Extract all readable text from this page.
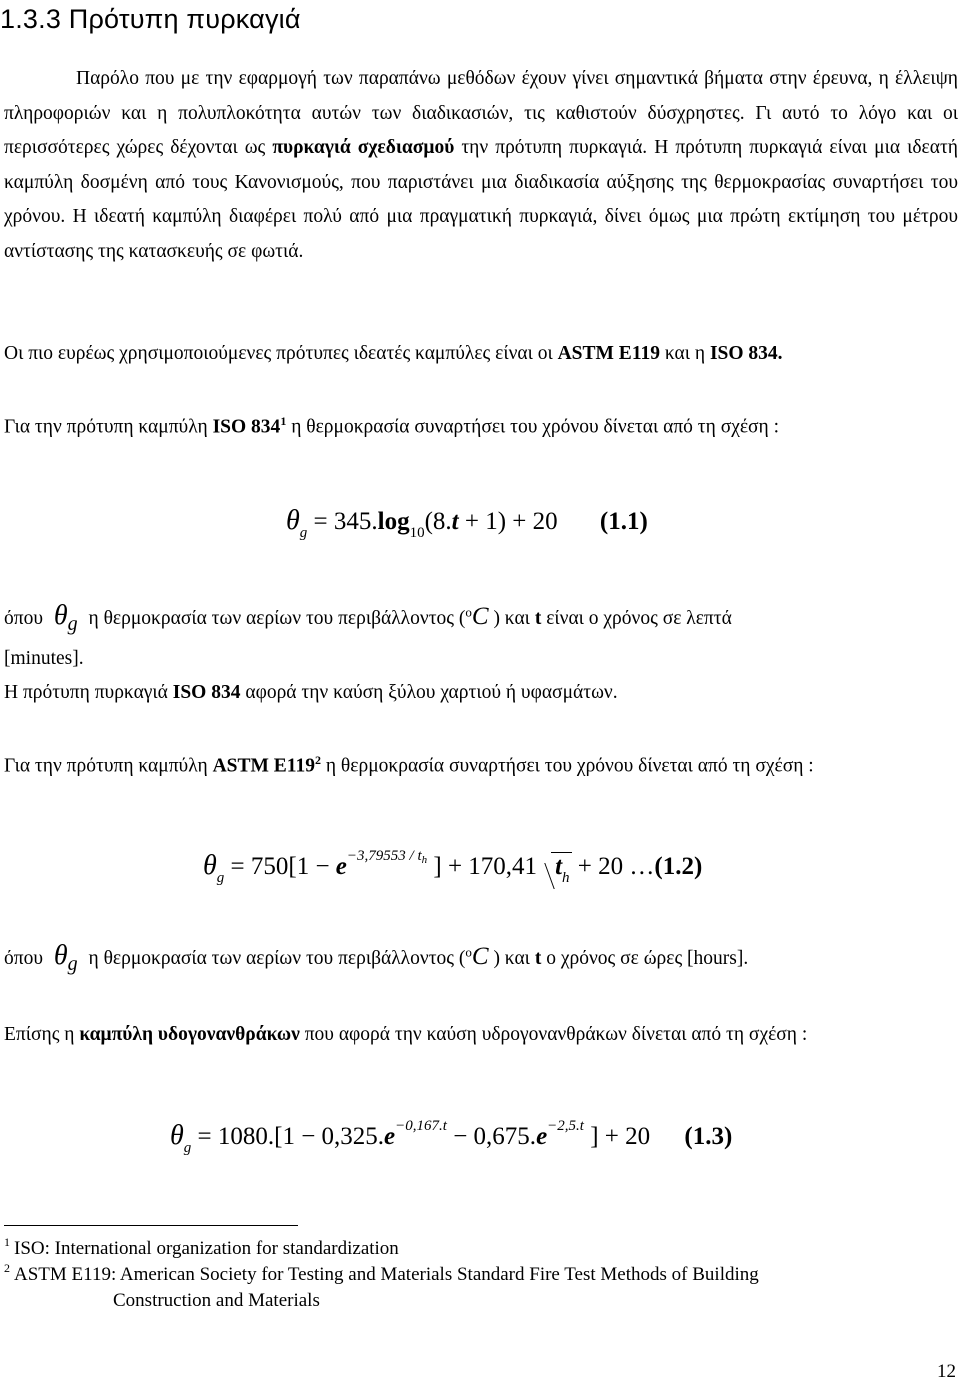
1.3.3 Πρότυπη πυρκαγιά

Παρόλο που με την εφαρμογή των παραπάνω μεθόδων έχουν γίνει σημαντικά βήματα στην έρευνα, η έλλειψη πληροφοριών και η πολυπλοκότητα αυτών των διαδικασιών, τις καθιστούν δύσχρηστες. Γι αυτό το λόγο και οι περισσότερες χώρες δέχονται ως πυρκαγιά σχεδιασμού την πρότυπη πυρκαγιά. Η πρότυπη πυρκαγιά είναι μια ιδεατή καμπύλη δοσμένη από τους Κανονισμούς, που παριστάνει μια διαδικασία αύξησης της θερμοκρασίας συναρτήσει του χρόνου. Η ιδεατή καμπύλη διαφέρει πολύ από μια πραγματική πυρκαγιά, δίνει όμως μια πρώτη εκτίμηση του μέτρου αντίστασης της κατασκευής σε φωτιά.

Οι πιο ευρέως χρησιμοποιούμενες πρότυπες ιδεατές καμπύλες είναι οι ASTM E119 και η ISO 834.

Για την πρότυπη καμπύλη ISO $834^1$ η θερμοκρασία συναρτήσει του χρόνου δίνεται από τη σχέση :

$\theta_g = 345.\log_{10}(8.t + 1) + 20$ (1.1)
όπου θg η θερμοκρασία των αερίων του περιβάλλοντος ($^o$C ) και t είναι ο χρόνος σε λεπτά
[minutes].
Η πρότυπη πυρκαγιά ISO 834 αφορά την καύση ξύλου χαρτιού ή υφασμάτων.

Για την πρότυπη καμπύλη ASTM $E119^2$ η θερμοκρασία συναρτήσει του χρόνου δίνεται από τη σχέση :

$\theta_g = 750[1 - e^{-3,79553 / th}$ ] + 170,41 $t_h + 20$ …(1.2)
όπου θg η θερμοκρασία των αερίων του περιβάλλοντος ($^o$C ) και t ο χρόνος σε ώρες [hours].

Επίσης η καμπύλη υδογονανθράκων που αφορά την καύση υδρογονανθράκων δίνεται από τη σχέση :

$\theta_g = 1080.[1 - 0,325.e^{-0,167.t} - 0,675.e^{-2,5.t}$ ] + 20 (1.3)
$^1$ ISO: International organization for standardization
$^2$ ASTM E119: American Society for Testing and Materials Standard Fire Test Methods of Building
Construction and Materials
12
